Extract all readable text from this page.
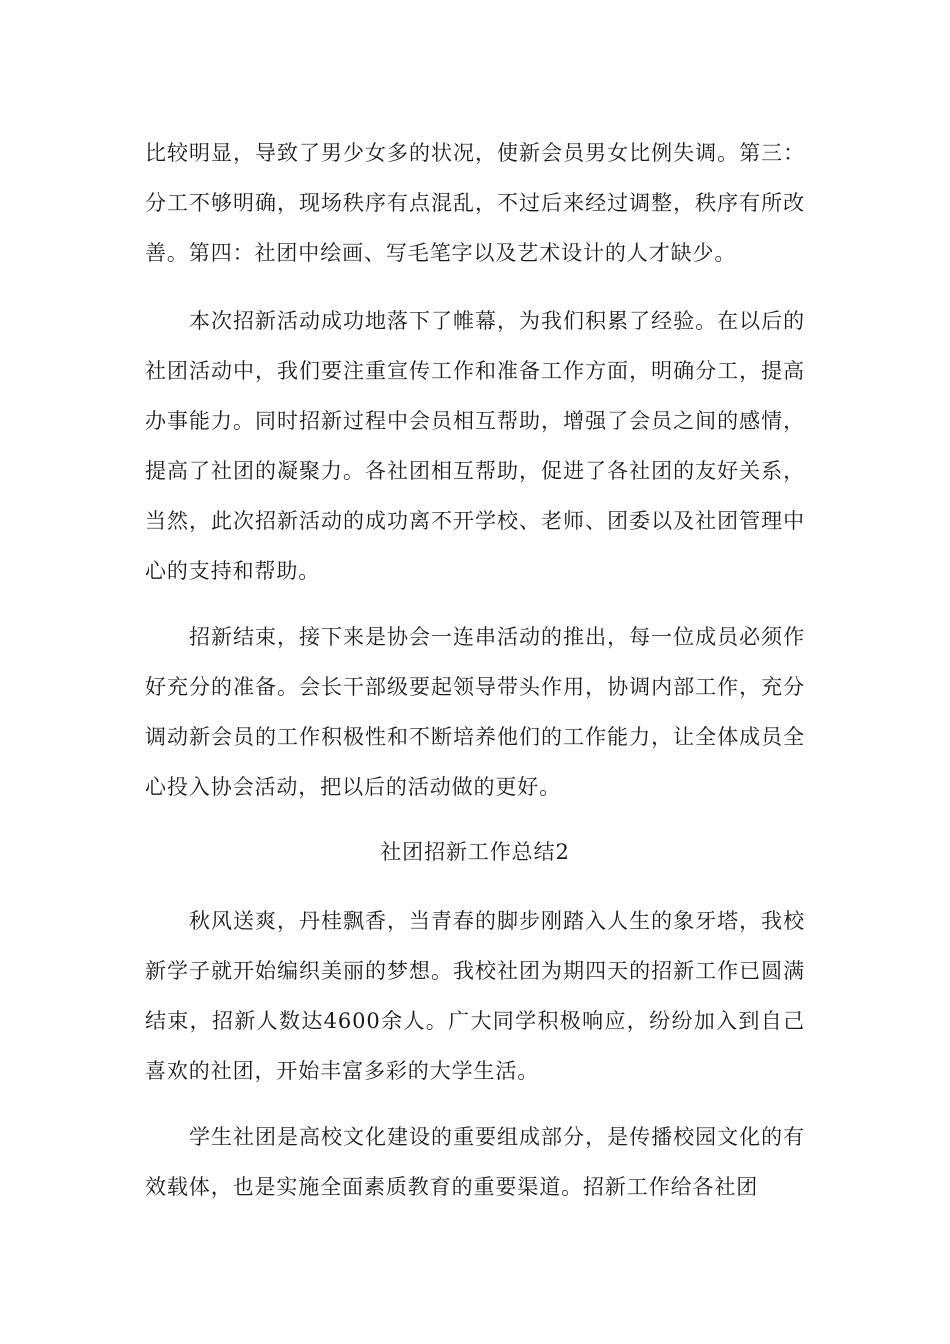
比较明显，导致了男少女多的状况，使新会员男女比例失调。第三：分工不够明确，现场秩序有点混乱，不过后来经过调整，秩序有所改善。第四：社团中绘画、写毛笔字以及艺术设计的人才缺少。

本次招新活动成功地落下了帷幕，为我们积累了经验。在以后的社团活动中，我们要注重宣传工作和准备工作方面，明确分工，提高办事能力。同时招新过程中会员相互帮助，增强了会员之间的感情，提高了社团的凝聚力。各社团相互帮助，促进了各社团的友好关系，当然，此次招新活动的成功离不开学校、老师、团委以及社团管理中心的支持和帮助。

招新结束，接下来是协会一连串活动的推出，每一位成员必须作好充分的准备。会长干部级要起领导带头作用，协调内部工作，充分调动新会员的工作积极性和不断培养他们的工作能力，让全体成员全心投入协会活动，把以后的活动做的更好。

社团招新工作总结2

秋风送爽，丹桂飘香，当青春的脚步刚踏入人生的象牙塔，我校新学子就开始编织美丽的梦想。我校社团为期四天的招新工作已圆满结束，招新人数达4600余人。广大同学积极响应，纷纷加入到自己喜欢的社团，开始丰富多彩的大学生活。

学生社团是高校文化建设的重要组成部分，是传播校园文化的有效载体，也是实施全面素质教育的重要渠道。招新工作给各社团
